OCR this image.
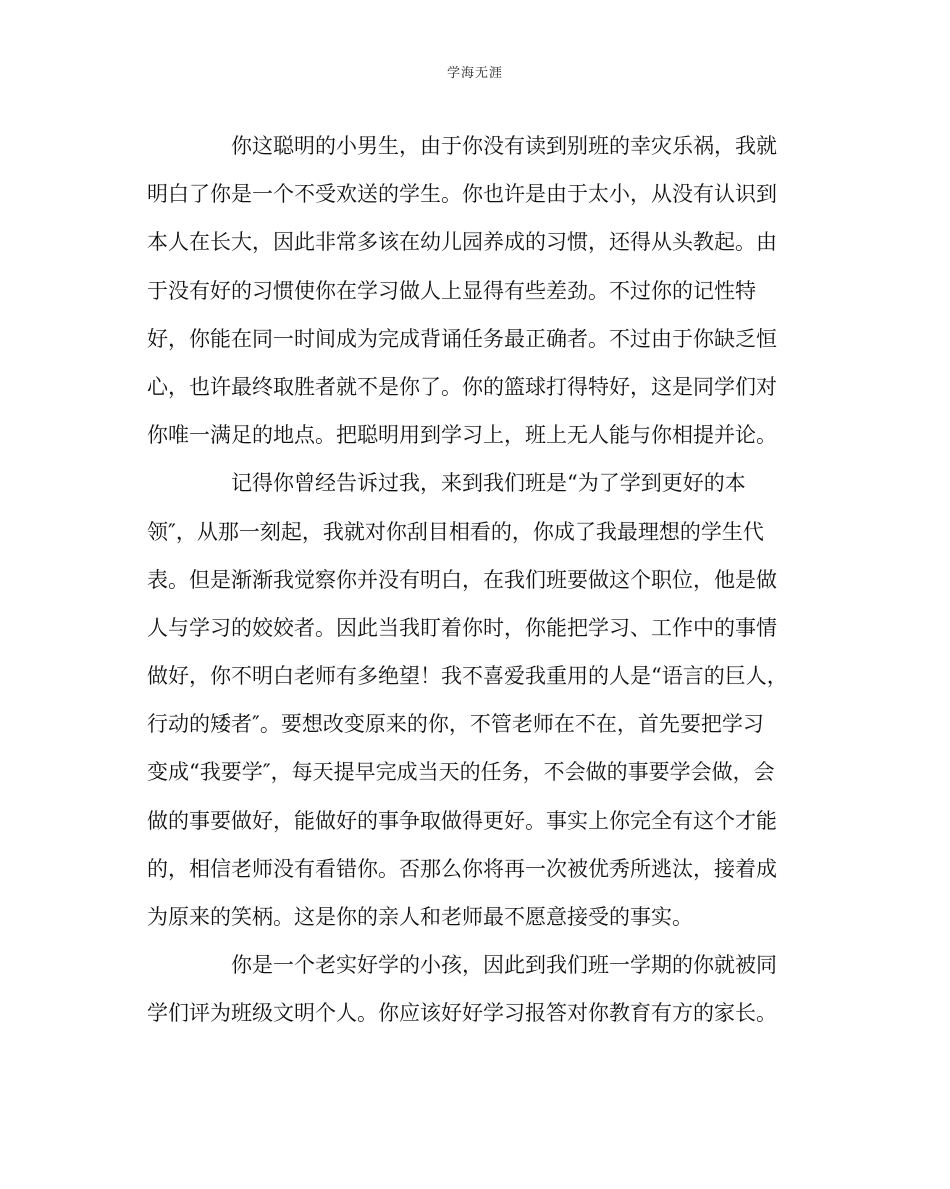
学海无涯
你这聪明的小男生，由于你没有读到别班的幸灾乐祸，我就
明白了你是一个不受欢送的学生。你也许是由于太小，从没有认识到
本人在长大，因此非常多该在幼儿园养成的习惯，还得从头教起。由
于没有好的习惯使你在学习做人上显得有些差劲。不过你的记性特
好，你能在同一时间成为完成背诵任务最正确者。不过由于你缺乏恒
心，也许最终取胜者就不是你了。你的篮球打得特好，这是同学们对
你唯一满足的地点。把聪明用到学习上，班上无人能与你相提并论。
记得你曾经告诉过我，来到我们班是“为了学到更好的本
领″，从那一刻起，我就对你刮目相看的，你成了我最理想的学生代
表。但是渐渐我觉察你并没有明白，在我们班要做这个职位，他是做
人与学习的姣姣者。因此当我盯着你时，你能把学习、工作中的事情
做好，你不明白老师有多绝望！我不喜爱我重用的人是“语言的巨人，
行动的矮者″。要想改变原来的你，不管老师在不在，首先要把学习
变成“我要学″，每天提早完成当天的任务，不会做的事要学会做，会
做的事要做好，能做好的事争取做得更好。事实上你完全有这个才能
的，相信老师没有看错你。否那么你将再一次被优秀所逃汰，接着成
为原来的笑柄。这是你的亲人和老师最不愿意接受的事实。
你是一个老实好学的小孩，因此到我们班一学期的你就被同
学们评为班级文明个人。你应该好好学习报答对你教育有方的家长。
